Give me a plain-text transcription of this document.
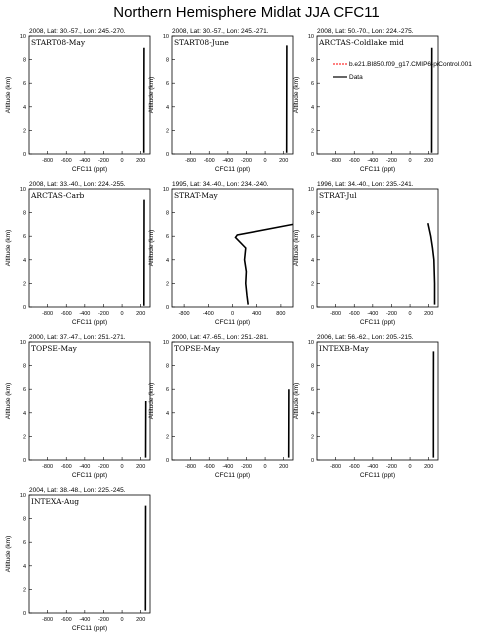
Northern Hemisphere Midlat JJA CFC11
2008, Lat: 30.-57., Lon: 245.-270.
START08-May
-800 -600 -400 -200 0 200
0
2
4
6
8
10
CFC11 (ppt)
Altitude (km)
2008, Lat: 30.-57., Lon: 245.-271.
START08-June
-800 -600 -400 -200 0 200
0
2
4
6
8
10
CFC11 (ppt)
Altitude (km)
2008, Lat: 50.-70., Lon: 224.-275.
ARCTAS-Coldlake mid
-800 -600 -400 -200 0 200
0
2
4
6
8
10
CFC11 (ppt)
Altitude (km)
b.e21.BI850.f09_g17.CMIP6-piControl.001
Data
2008, Lat: 33.-40., Lon: 224.-255.
ARCTAS-Carb
-800 -600 -400 -200 0 200
0
2
4
6
8
10
CFC11 (ppt)
Altitude (km)
1995, Lat: 34.-40., Lon: 234.-240.
STRAT-May
-800 -400	0	400	800
0
2
4
6
8
10
CFC11 (ppt)
Altitude (km)
1996, Lat: 34.-40., Lon: 235.-241.
STRAT-Jul
-800 -600 -400 -200 0 200
0
2
4
6
8
10
CFC11 (ppt)
Altitude (km)
2000, Lat: 37.-47., Lon: 251.-271.
TOPSE-May
-800 -600 -400 -200 0 200
0
2
4
6
8
10
CFC11 (ppt)
Altitude (km)
2000, Lat: 47.-65., Lon: 251.-281.
TOPSE-May
-800 -600 -400 -200 0 200
0
2
4
6
8
10
CFC11 (ppt)
Altitude (km)
2006, Lat: 56.-62., Lon: 205.-215.
INTEXB-May
-800 -600 -400 -200 0 200
0
2
4
6
8
10
CFC11 (ppt)
Altitude (km)
2004, Lat: 38.-48., Lon: 225.-245.
INTEXA-Aug
-800 -600 -400 -200 0 200
0
2
4
6
8
10
CFC11 (ppt)
Altitude (km)
